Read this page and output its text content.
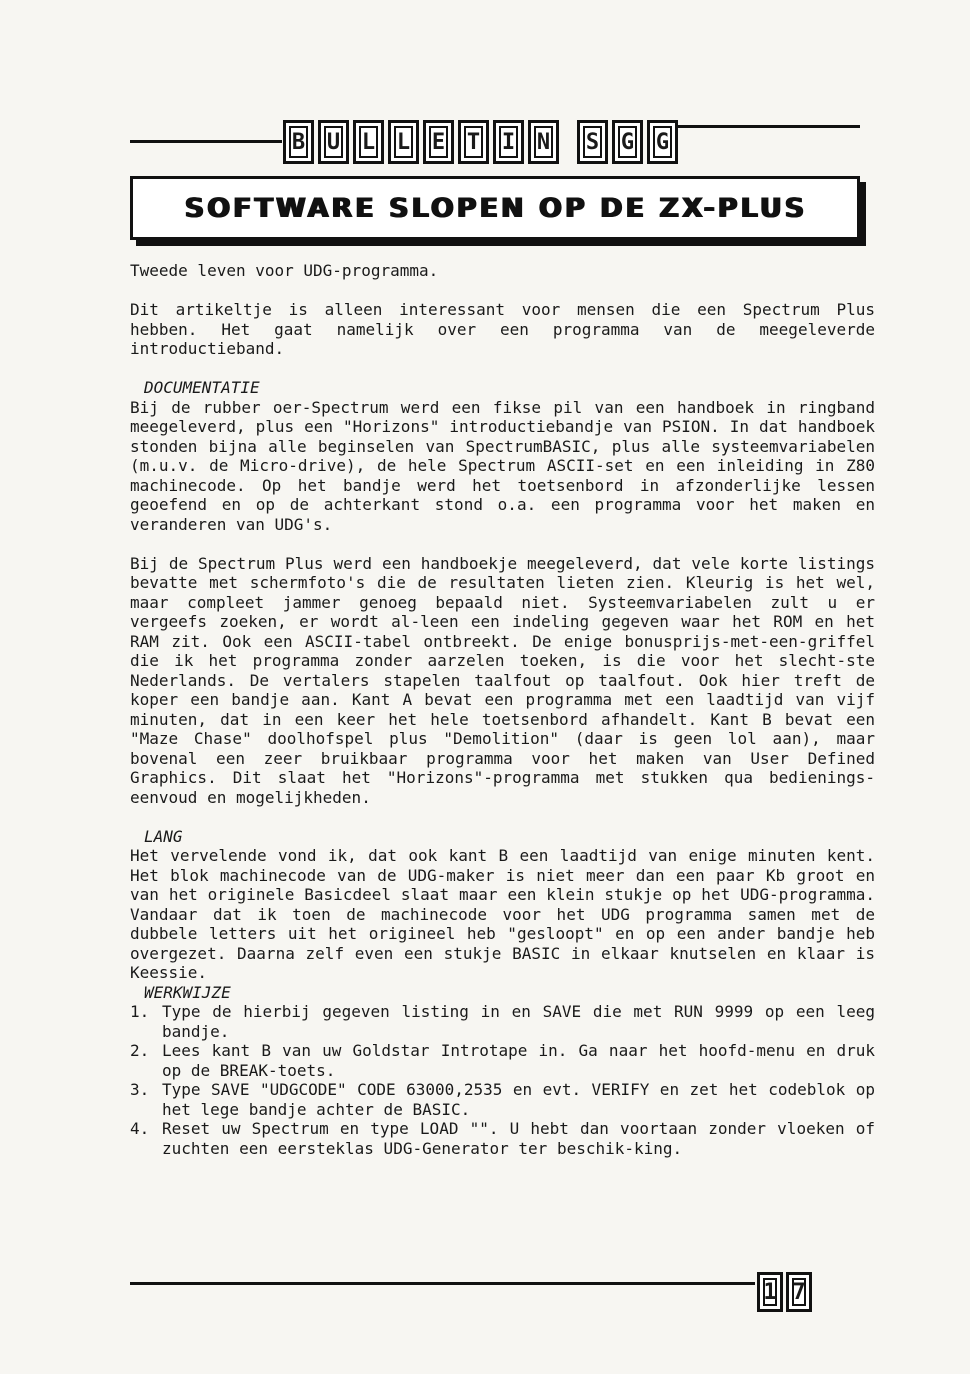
B U L L E T I N	S G G
SOFTWARE SLOPEN OP DE ZX-PLUS

Tweede leven voor UDG-programma.

Dit artikeltje is alleen interessant voor mensen die een Spectrum Plus hebben. Het gaat namelijk over een programma van de meegeleverde introductieband.

DOCUMENTATIE

Bij de rubber oer-Spectrum werd een fikse pil van een handboek in ringband meegeleverd, plus een "Horizons" introductiebandje van PSION. In dat handboek stonden bijna alle beginselen van SpectrumBASIC, plus alle systeemvariabelen (m.u.v. de Micro-drive), de hele Spectrum ASCII-set en een inleiding in Z80 machinecode. Op het bandje werd het toetsenbord in afzonderlijke lessen geoefend en op de achterkant stond o.a. een programma voor het maken en veranderen van UDG's.

Bij de Spectrum Plus werd een handboekje meegeleverd, dat vele korte listings bevatte met schermfoto's die de resultaten lieten zien. Kleurig is het wel, maar compleet jammer genoeg bepaald niet. Systeemvariabelen zult u er vergeefs zoeken, er wordt al-leen een indeling gegeven waar het ROM en het RAM zit. Ook een ASCII-tabel ontbreekt. De enige bonusprijs-met-een-griffel die ik het programma zonder aarzelen toeken, is die voor het slecht-ste Nederlands. De vertalers stapelen taalfout op taalfout. Ook hier treft de koper een bandje aan. Kant A bevat een programma met een laadtijd van vijf minuten, dat in een keer het hele toetsenbord afhandelt. Kant B bevat een "Maze Chase" doolhofspel plus "Demolition" (daar is geen lol aan), maar bovenal een zeer bruikbaar programma voor het maken van User Defined Graphics. Dit slaat het "Horizons"-programma met stukken qua bedienings-eenvoud en mogelijkheden.

LANG

Het vervelende vond ik, dat ook kant B een laadtijd van enige minuten kent. Het blok machinecode van de UDG-maker is niet meer dan een paar Kb groot en van het originele Basicdeel slaat maar een klein stukje op het UDG-programma. Vandaar dat ik toen de machinecode voor het UDG programma samen met de dubbele letters uit het origineel heb "gesloopt" en op een ander bandje heb overgezet. Daarna zelf even een stukje BASIC in elkaar knutselen en klaar is Keessie.

WERKWIJZE

1. Type de hierbij gegeven listing in en SAVE die met RUN 9999 op een leeg bandje.
2. Lees kant B van uw Goldstar Introtape in. Ga naar het hoofd-menu en druk op de BREAK-toets.
3. Type SAVE "UDGCODE" CODE 63000,2535 en evt. VERIFY en zet het codeblok op het lege bandje achter de BASIC.
4. Reset uw Spectrum en type LOAD "". U hebt dan voortaan zonder vloeken of zuchten een eersteklas UDG-Generator ter beschik-king.
1 7
